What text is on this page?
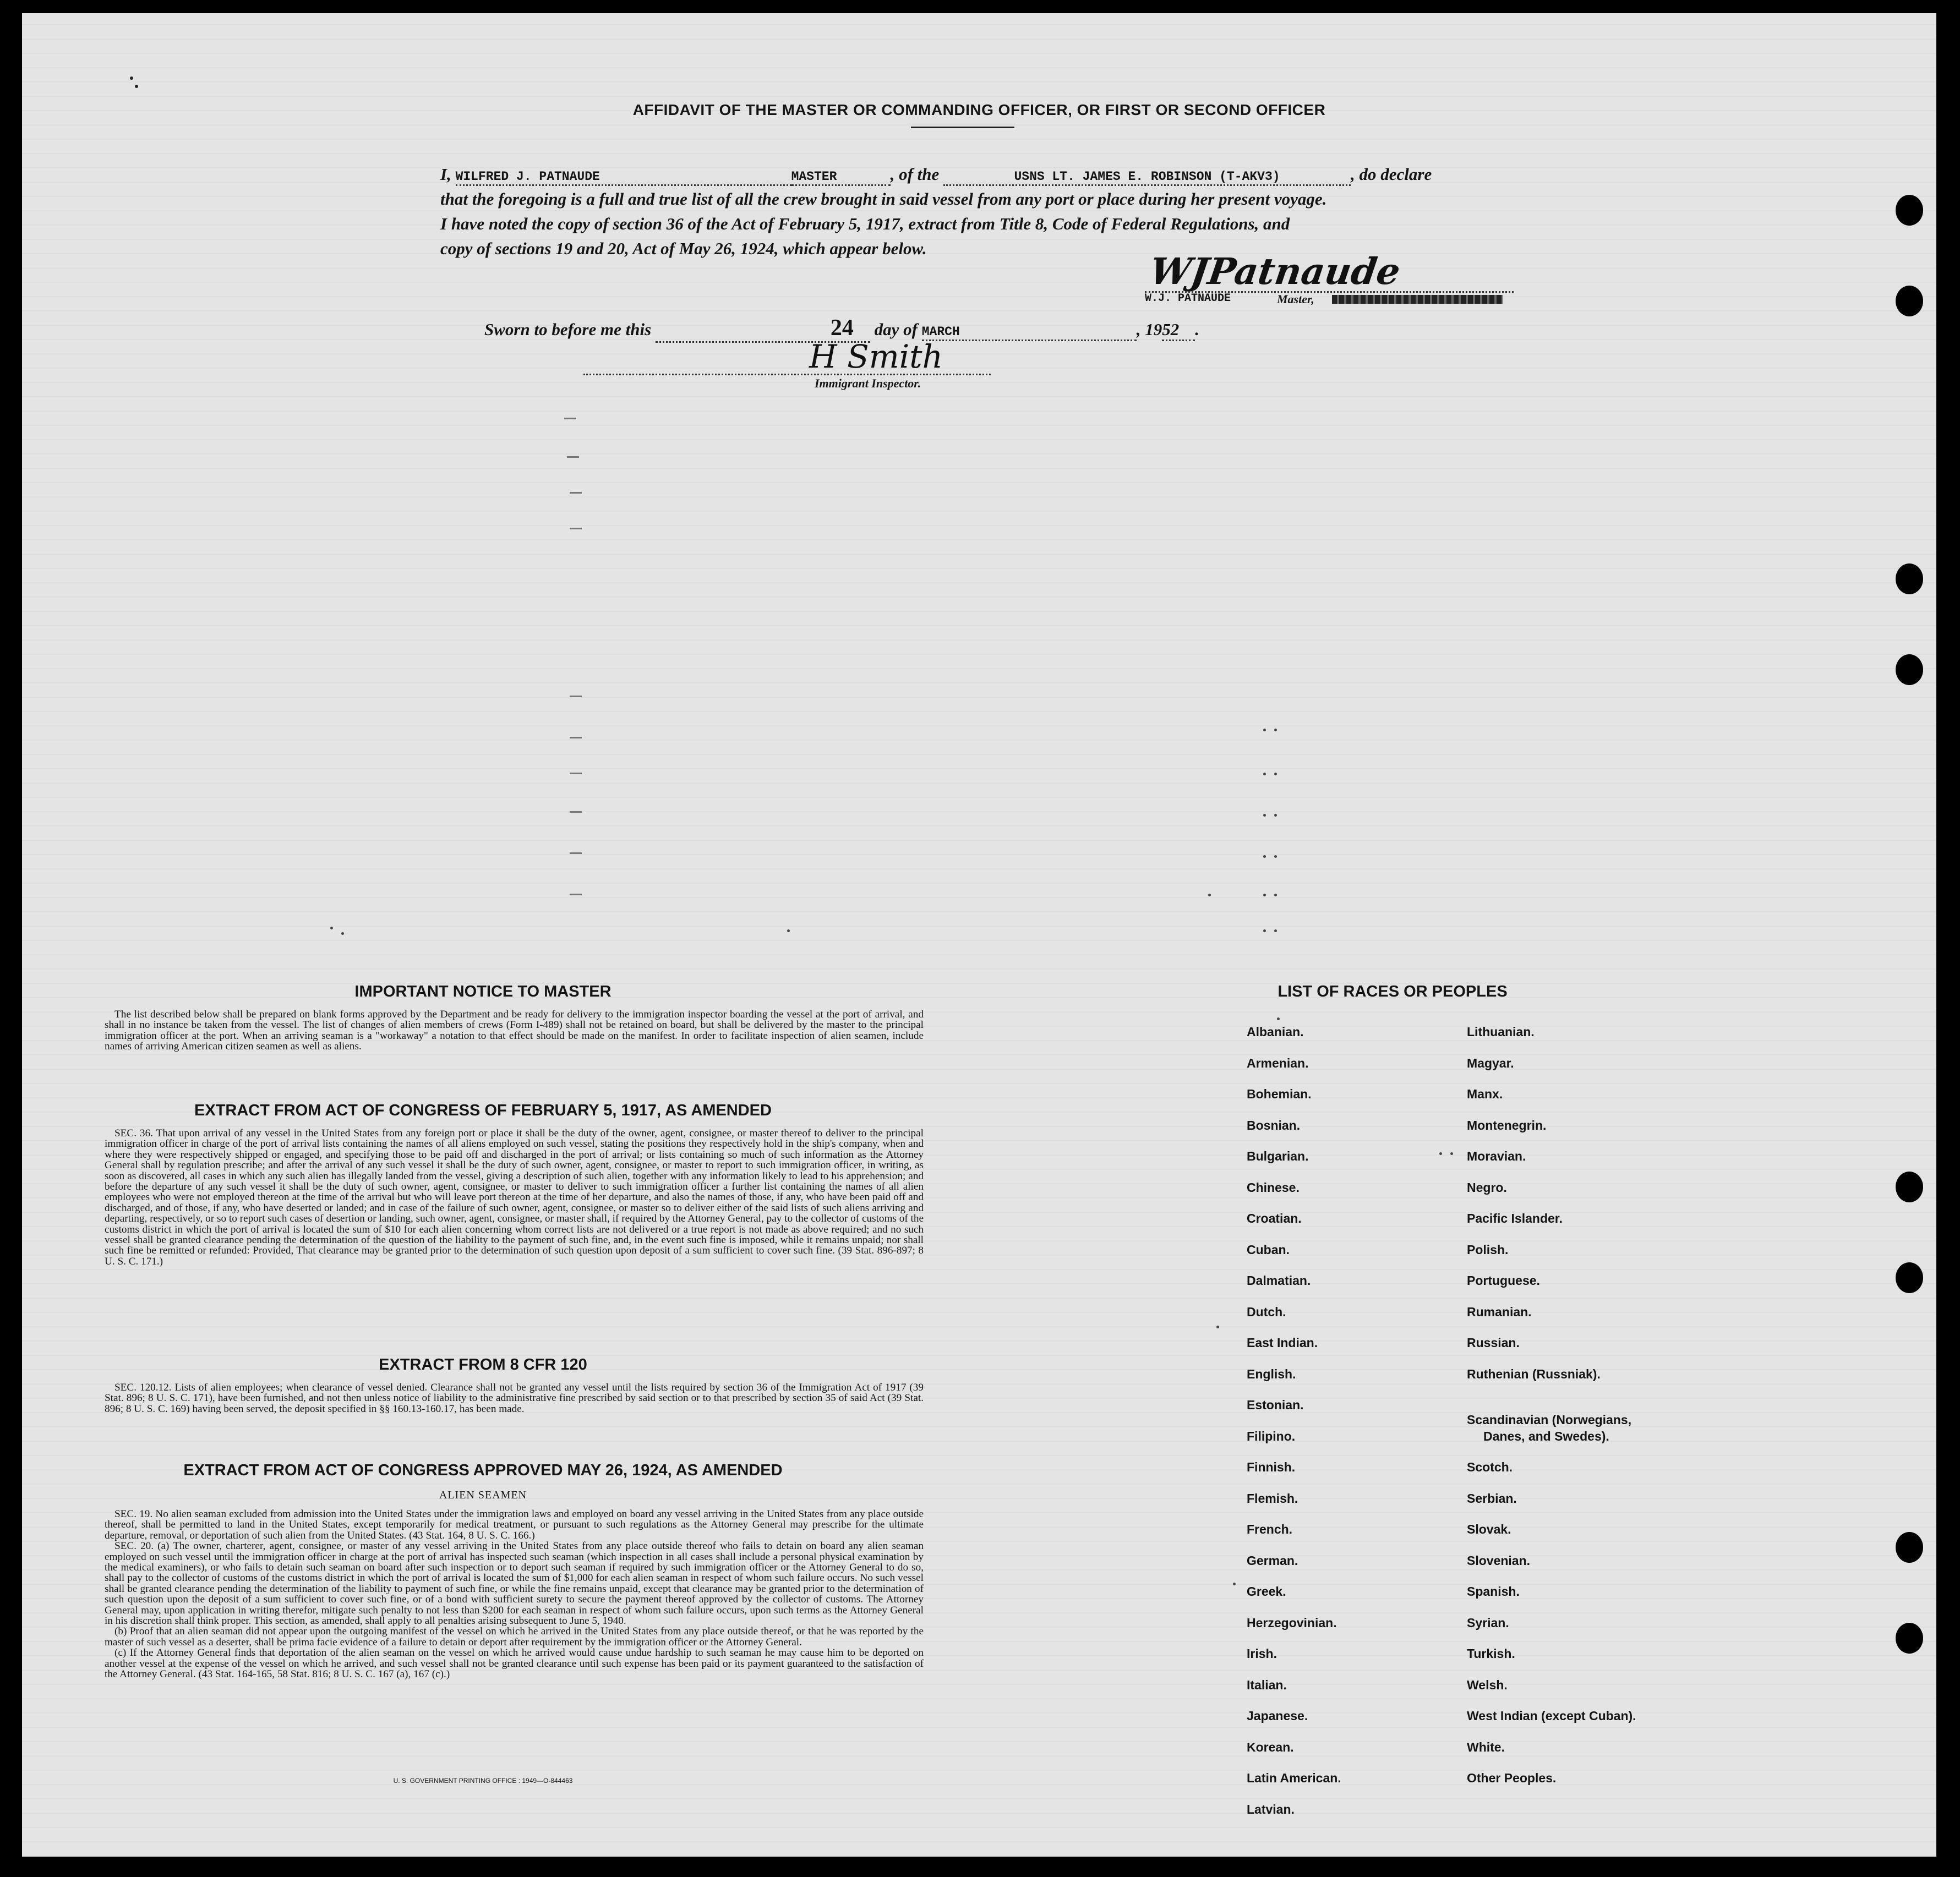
AFFIDAVIT OF THE MASTER OR COMMANDING OFFICER, OR FIRST OR SECOND OFFICER
I, WILFRED J. PATNAUDE	MASTER	, of the	USNS LT. JAMES E. ROBINSON (T-AKV3)	, do declare
that the foregoing is a full and true list of all the crew brought in said vessel from any port or place during her present voyage.
I have noted the copy of section 36 of the Act of February 5, 1917, extract from Title 8, Code of Federal Regulations, and
copy of sections 19 and 20, Act of May 26, 1924, which appear below.
WJPatnaude
W.J. PATNAUDE	Master,
Sworn to before me this	24 day of MARCH	, 1952 .
H Smith
Immigrant Inspector.
IMPORTANT NOTICE TO MASTER

The list described below shall be prepared on blank forms approved by the Department and be ready for delivery to the immigration inspector boarding the vessel at the port of arrival, and shall in no instance be taken from the vessel. The list of changes of alien members of crews (Form I-489) shall not be retained on board, but shall be delivered by the master to the principal immigration officer at the port. When an arriving seaman is a "workaway" a notation to that effect should be made on the manifest. In order to facilitate inspection of alien seamen, include names of arriving American citizen seamen as well as aliens.

EXTRACT FROM ACT OF CONGRESS OF FEBRUARY 5, 1917, AS AMENDED

SEC. 36. That upon arrival of any vessel in the United States from any foreign port or place it shall be the duty of the owner, agent, consignee, or master thereof to deliver to the principal immigration officer in charge of the port of arrival lists containing the names of all aliens employed on such vessel, stating the positions they respectively hold in the ship's company, when and where they were respectively shipped or engaged, and specifying those to be paid off and discharged in the port of arrival; or lists containing so much of such information as the Attorney General shall by regulation prescribe; and after the arrival of any such vessel it shall be the duty of such owner, agent, consignee, or master to report to such immigration officer, in writing, as soon as discovered, all cases in which any such alien has illegally landed from the vessel, giving a description of such alien, together with any information likely to lead to his apprehension; and before the departure of any such vessel it shall be the duty of such owner, agent, consignee, or master to deliver to such immigration officer a further list containing the names of all alien employees who were not employed thereon at the time of the arrival but who will leave port thereon at the time of her departure, and also the names of those, if any, who have been paid off and discharged, and of those, if any, who have deserted or landed; and in case of the failure of such owner, agent, consignee, or master so to deliver either of the said lists of such aliens arriving and departing, respectively, or so to report such cases of desertion or landing, such owner, agent, consignee, or master shall, if required by the Attorney General, pay to the collector of customs of the customs district in which the port of arrival is located the sum of $10 for each alien concerning whom correct lists are not delivered or a true report is not made as above required; and no such vessel shall be granted clearance pending the determination of the question of the liability to the payment of such fine, and, in the event such fine is imposed, while it remains unpaid; nor shall such fine be remitted or refunded: Provided, That clearance may be granted prior to the determination of such question upon deposit of a sum sufficient to cover such fine. (39 Stat. 896-897; 8 U. S. C. 171.)

EXTRACT FROM 8 CFR 120

SEC. 120.12. Lists of alien employees; when clearance of vessel denied. Clearance shall not be granted any vessel until the lists required by section 36 of the Immigration Act of 1917 (39 Stat. 896; 8 U. S. C. 171), have been furnished, and not then unless notice of liability to the administrative fine prescribed by said section or to that prescribed by section 35 of said Act (39 Stat. 896; 8 U. S. C. 169) having been served, the deposit specified in §§ 160.13-160.17, has been made.

EXTRACT FROM ACT OF CONGRESS APPROVED MAY 26, 1924, AS AMENDED
ALIEN SEAMEN

SEC. 19. No alien seaman excluded from admission into the United States under the immigration laws and employed on board any vessel arriving in the United States from any place outside thereof, shall be permitted to land in the United States, except temporarily for medical treatment, or pursuant to such regulations as the Attorney General may prescribe for the ultimate departure, removal, or deportation of such alien from the United States. (43 Stat. 164, 8 U. S. C. 166.)

SEC. 20. (a) The owner, charterer, agent, consignee, or master of any vessel arriving in the United States from any place outside thereof who fails to detain on board any alien seaman employed on such vessel until the immigration officer in charge at the port of arrival has inspected such seaman (which inspection in all cases shall include a personal physical examination by the medical examiners), or who fails to detain such seaman on board after such inspection or to deport such seaman if required by such immigration officer or the Attorney General to do so, shall pay to the collector of customs of the customs district in which the port of arrival is located the sum of $1,000 for each alien seaman in respect of whom such failure occurs. No such vessel shall be granted clearance pending the determination of the liability to payment of such fine, or while the fine remains unpaid, except that clearance may be granted prior to the determination of such question upon the deposit of a sum sufficient to cover such fine, or of a bond with sufficient surety to secure the payment thereof approved by the collector of customs. The Attorney General may, upon application in writing therefor, mitigate such penalty to not less than $200 for each seaman in respect of whom such failure occurs, upon such terms as the Attorney General in his discretion shall think proper. This section, as amended, shall apply to all penalties arising subsequent to June 5, 1940.

(b) Proof that an alien seaman did not appear upon the outgoing manifest of the vessel on which he arrived in the United States from any place outside thereof, or that he was reported by the master of such vessel as a deserter, shall be prima facie evidence of a failure to detain or deport after requirement by the immigration officer or the Attorney General.

(c) If the Attorney General finds that deportation of the alien seaman on the vessel on which he arrived would cause undue hardship to such seaman he may cause him to be deported on another vessel at the expense of the vessel on which he arrived, and such vessel shall not be granted clearance until such expense has been paid or its payment guaranteed to the satisfaction of the Attorney General. (43 Stat. 164-165, 58 Stat. 816; 8 U. S. C. 167 (a), 167 (c).)

U. S. GOVERNMENT PRINTING OFFICE : 1949—O-844463
LIST OF RACES OR PEOPLES
Albanian.
Armenian.
Bohemian.
Bosnian.
Bulgarian.
Chinese.
Croatian.
Cuban.
Dalmatian.
Dutch.
East Indian.
English.
Estonian.
Filipino.
Finnish.
Flemish.
French.
German.
Greek.
Herzegovinian.
Irish.
Italian.
Japanese.
Korean.
Latin American.
Latvian.
Lithuanian.
Magyar.
Manx.
Montenegrin.
Moravian.
Negro.
Pacific Islander.
Polish.
Portuguese.
Rumanian.
Russian.
Ruthenian (Russniak).
Scandinavian (Norwegians,
Danes, and Swedes).
Scotch.
Serbian.
Slovak.
Slovenian.
Spanish.
Syrian.
Turkish.
Welsh.
West Indian (except Cuban).
White.
Other Peoples.
